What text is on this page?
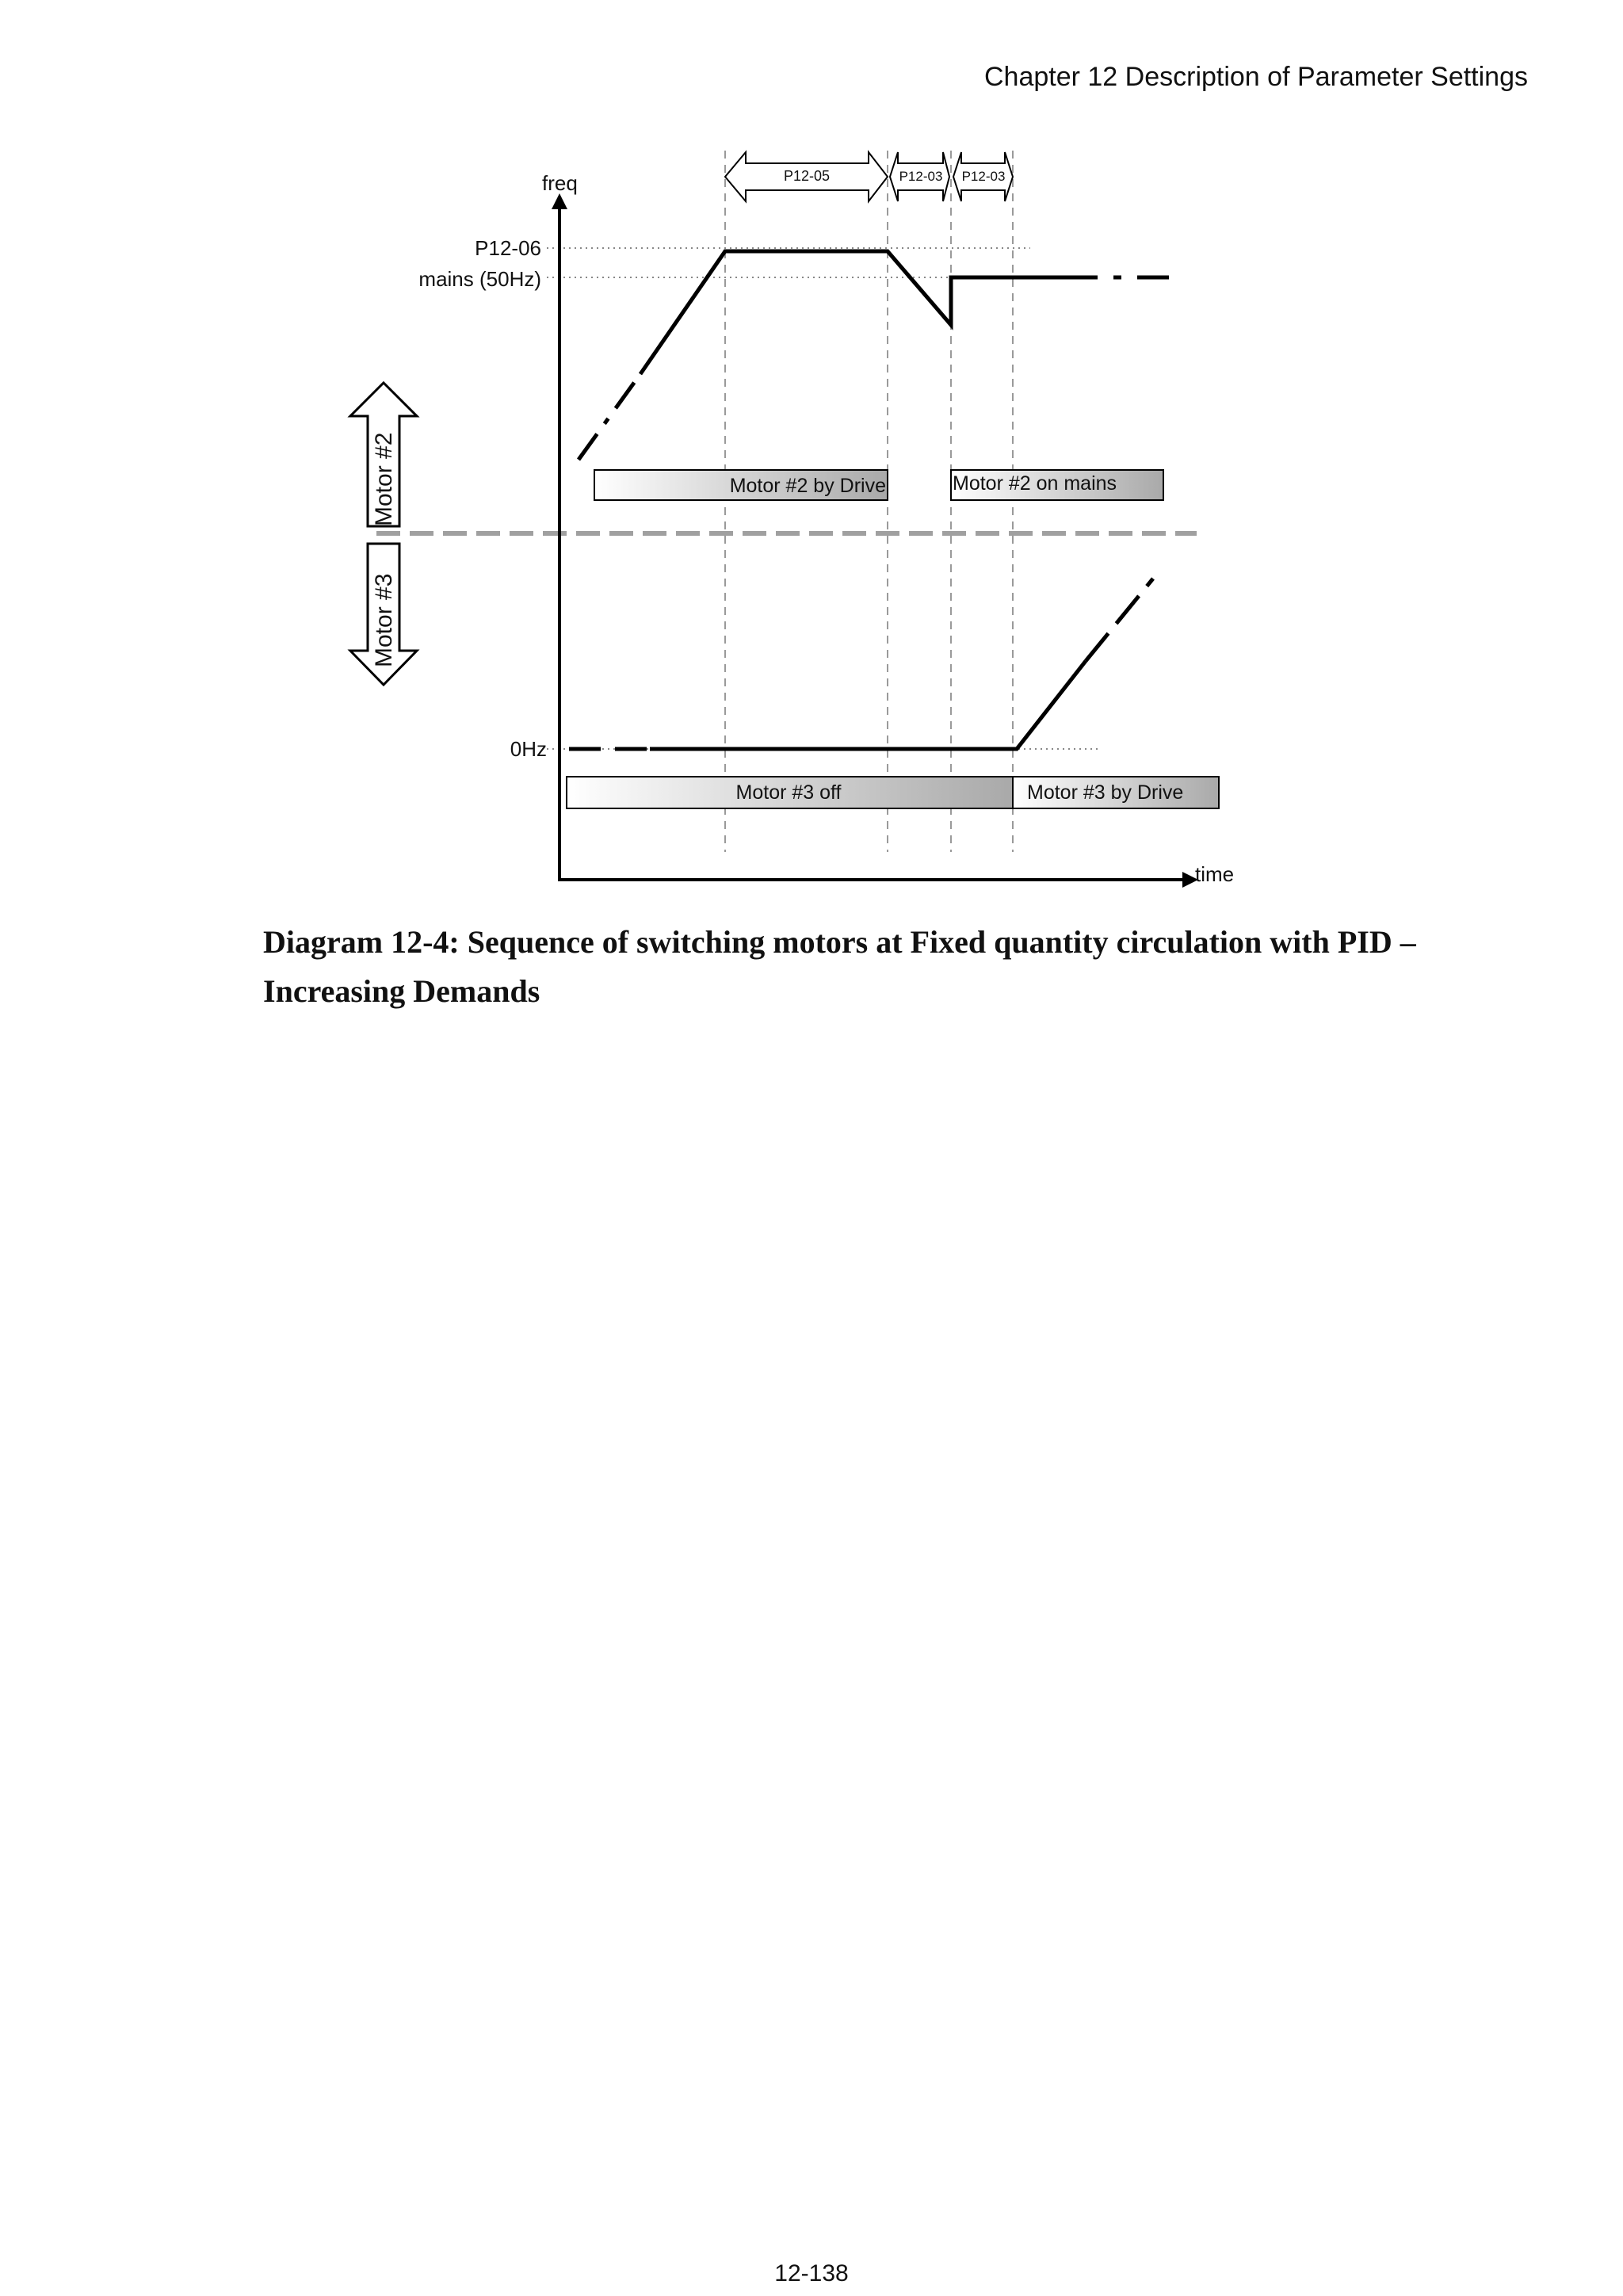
Chapter 12 Description of Parameter Settings
freq
time
P12-06
mains (50Hz)
0Hz
P12-05	P12-03 P12-03
Motor #2 by Drive	Motor #2 on mains
Motor #3 off	Motor #3 by Drive
Motor #2
Motor #3
Diagram 12-4: Sequence of switching motors at Fixed quantity circulation with PID –
Increasing Demands
12-138
